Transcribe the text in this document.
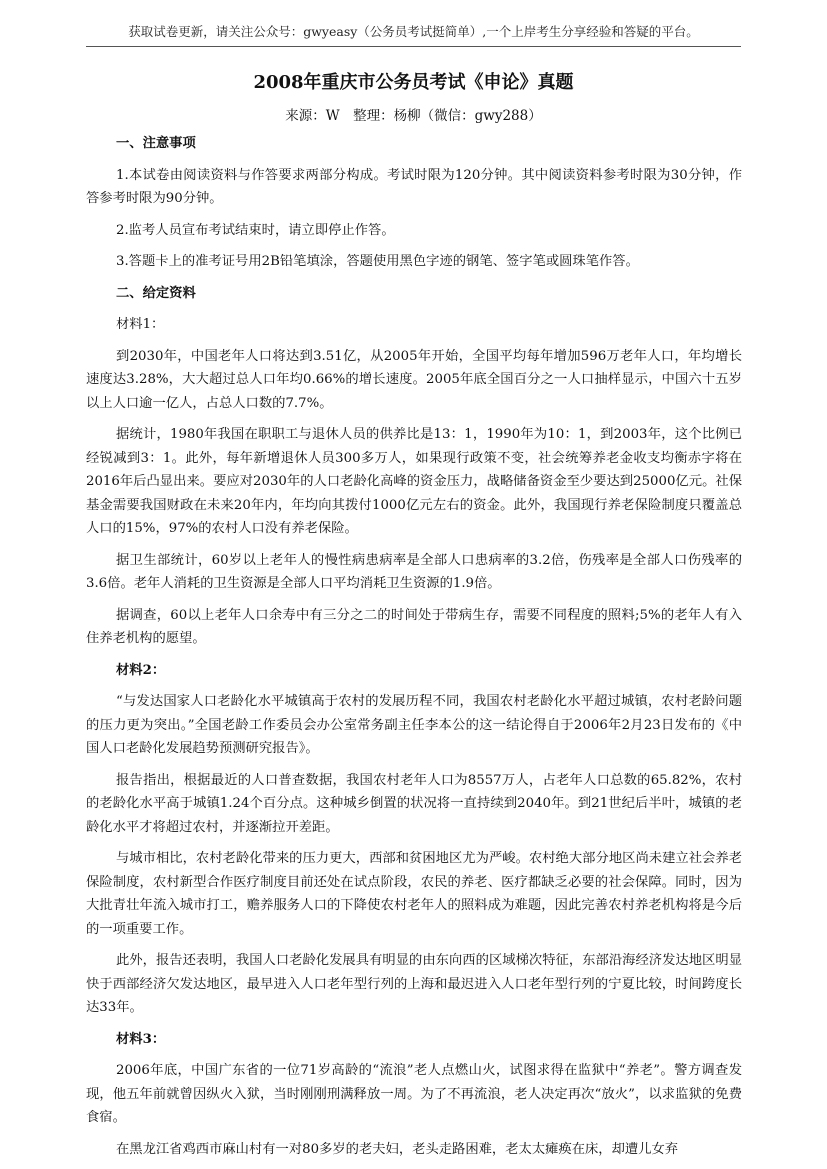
获取试卷更新，请关注公众号：gwyeasy（公务员考试挺简单）,一个上岸考生分享经验和答疑的平台。
2008年重庆市公务员考试《申论》真题
来源：W　整理：杨柳（微信：gwy288）
一、注意事项
1.本试卷由阅读资料与作答要求两部分构成。考试时限为120分钟。其中阅读资料参考时限为30分钟，作答参考时限为90分钟。
2.监考人员宣布考试结束时，请立即停止作答。
3.答题卡上的准考证号用2B铅笔填涂，答题使用黑色字迹的钢笔、签字笔或圆珠笔作答。
二、给定资料
材料1：
到2030年，中国老年人口将达到3.51亿，从2005年开始，全国平均每年增加596万老年人口，年均增长速度达3.28%，大大超过总人口年均0.66%的增长速度。2005年底全国百分之一人口抽样显示，中国六十五岁以上人口逾一亿人，占总人口数的7.7%。
据统计，1980年我国在职职工与退休人员的供养比是13：1，1990年为10：1，到2003年，这个比例已经锐减到3：1。此外，每年新增退休人员300多万人，如果现行政策不变，社会统筹养老金收支均衡赤字将在2016年后凸显出来。要应对2030年的人口老龄化高峰的资金压力，战略储备资金至少要达到25000亿元。社保基金需要我国财政在未来20年内，年均向其拨付1000亿元左右的资金。此外，我国现行养老保险制度只覆盖总人口的15%，97%的农村人口没有养老保险。
据卫生部统计，60岁以上老年人的慢性病患病率是全部人口患病率的3.2倍，伤残率是全部人口伤残率的3.6倍。老年人消耗的卫生资源是全部人口平均消耗卫生资源的1.9倍。
据调查，60以上老年人口余寿中有三分之二的时间处于带病生存，需要不同程度的照料;5%的老年人有入住养老机构的愿望。
材料2：
“与发达国家人口老龄化水平城镇高于农村的发展历程不同，我国农村老龄化水平超过城镇，农村老龄问题的压力更为突出。”全国老龄工作委员会办公室常务副主任李本公的这一结论得自于2006年2月23日发布的《中国人口老龄化发展趋势预测研究报告》。
报告指出，根据最近的人口普查数据，我国农村老年人口为8557万人，占老年人口总数的65.82%，农村的老龄化水平高于城镇1.24个百分点。这种城乡倒置的状况将一直持续到2040年。到21世纪后半叶，城镇的老龄化水平才将超过农村，并逐渐拉开差距。
与城市相比，农村老龄化带来的压力更大，西部和贫困地区尤为严峻。农村绝大部分地区尚未建立社会养老保险制度，农村新型合作医疗制度目前还处在试点阶段，农民的养老、医疗都缺乏必要的社会保障。同时，因为大批青壮年流入城市打工，赡养服务人口的下降使农村老年人的照料成为难题，因此完善农村养老机构将是今后的一项重要工作。
此外，报告还表明，我国人口老龄化发展具有明显的由东向西的区域梯次特征，东部沿海经济发达地区明显快于西部经济欠发达地区，最早进入人口老年型行列的上海和最迟进入人口老年型行列的宁夏比较，时间跨度长达33年。
材料3：
2006年底，中国广东省的一位71岁高龄的“流浪”老人点燃山火，试图求得在监狱中“养老”。警方调查发现，他五年前就曾因纵火入狱，当时刚刚刑满释放一周。为了不再流浪，老人决定再次“放火”，以求监狱的免费食宿。
在黑龙江省鸡西市麻山村有一对80多岁的老夫妇，老头走路困难，老太太瘫痪在床，却遭儿女弃
